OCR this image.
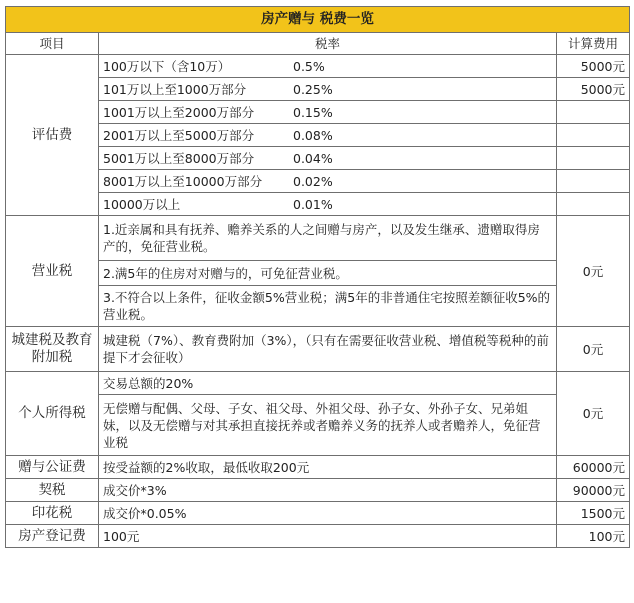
房产赠与 税费一览		
项目	税率	计算费用
评估费	100万以下（含10万） 0.5%	5000元
	101万以上至1000万部分 0.25%	5000元
	1001万以上至2000万部分 0.15%	
	2001万以上至5000万部分 0.08%	
	5001万以上至8000万部分 0.04%	
	8001万以上至10000万部分 0.02%	
	10000万以上 0.01%	
营业税	1.近亲属和具有抚养、赡养关系的人之间赠与房产，以及发生继承、遗赠取得房产的，免征营业税。	0元
	2.满5年的住房对对赠与的，可免征营业税。	
	3.不符合以上条件，征收金额5%营业税；满5年的非普通住宅按照差额征收5%的营业税。	
城建税及教育附加税	城建税（7%）、教育费附加（3%），（只有在需要征收营业税、增值税等税种的前提下才会征收）	0元
个人所得税	交易总额的20%	0元
	无偿赠与配偶、父母、子女、祖父母、外祖父母、孙子女、外孙子女、兄弟姐妹，以及无偿赠与对其承担直接抚养或者赡养义务的抚养人或者赡养人，免征营业税	
赠与公证费	按受益额的2%收取，最低收取200元	60000元
契税	成交价*3%	90000元
印花税	成交价*0.05%	1500元
房产登记费	100元	100元
